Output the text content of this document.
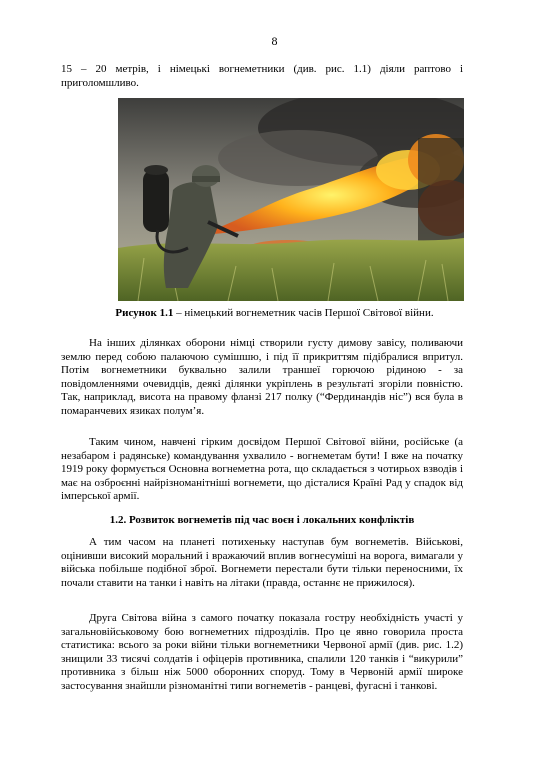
8

15 – 20 метрів, і німецькі вогнеметники (див. рис. 1.1) діяли раптово і приголомшливо.

Рисунок 1.1 – німецький вогнеметник часів Першої Світової війни.

На інших ділянках оборони німці створили густу димову завісу, поливаючи землю перед собою палаючою сумішшю, і під її прикриттям підібралися впритул. Потім вогнеметники буквально залили траншеї горючою рідиною - за повідомленнями очевидців, деякі ділянки укріплень в результаті згоріли повністю. Так, наприклад, висота на правому фланзі 217 полку (“Фердинандів ніс”) вся була в помаранчевих язиках полум’я.

Таким чином, навчені гірким досвідом Першої Світової війни, російське (а незабаром і радянське) командування ухвалило - вогнеметам бути! І вже на початку 1919 року формується Основна вогнеметна рота, що складається з чотирьох взводів і має на озброєнні найрізноманітніші вогнемети, що дісталися Країні Рад у спадок від імперської армії.

1.2. Розвиток вогнеметів під час воєн і локальних конфліктів

А тим часом на планеті потихеньку наступав бум вогнеметів. Військові, оцінивши високий моральний і вражаючий вплив вогнесуміші на ворога, вимагали у війська побільше подібної зброї. Вогнемети перестали бути тільки переносними, їх почали ставити на танки і навіть на літаки (правда, останнє не прижилося).

Друга Світова війна з самого початку показала гостру необхідність участі у загальновійськовому бою вогнеметних підрозділів. Про це явно говорила проста статистика: всього за роки війни тільки вогнеметники Червоної армії (див. рис. 1.2) знищили 33 тисячі солдатів і офіцерів противника, спалили 120 танків і “викурили” противника з більш ніж 5000 оборонних споруд. Тому в Червоній армії широке застосування знайшли різноманітні типи вогнеметів - ранцеві, фугасні і танкові.
